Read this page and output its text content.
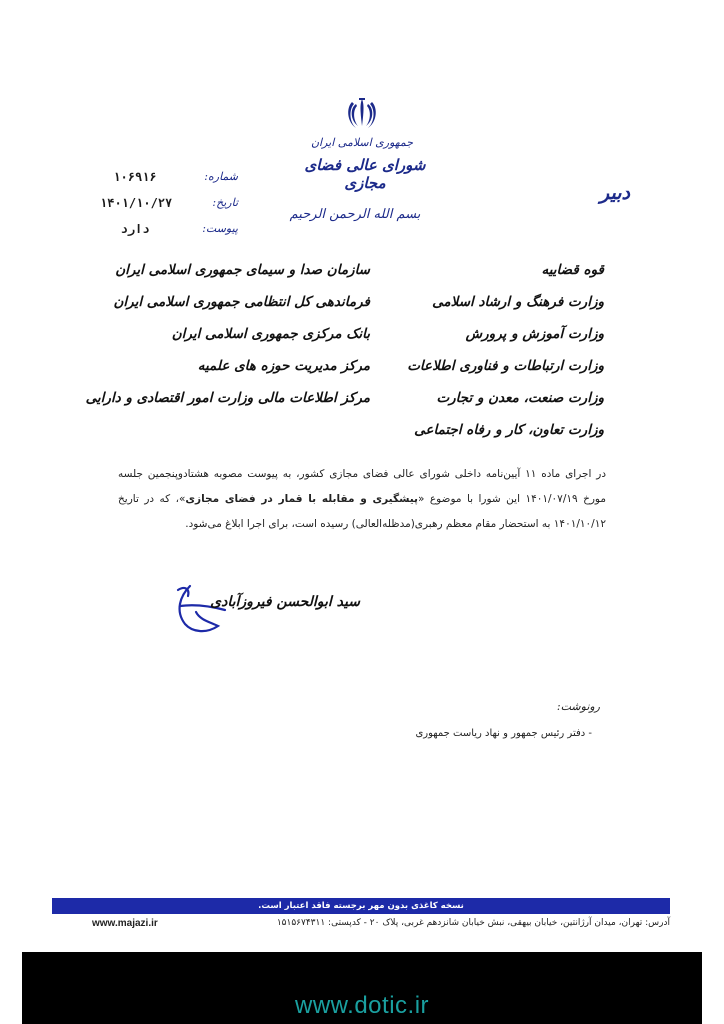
جمهوری اسلامی ایران
شورای عالی فضای مجازی
بسم الله الرحمن الرحیم
دبیر
۱۰۶۹۱۶	شماره:
۱۴۰۱/۱۰/۲۷	تاریخ:
دارد	پیوست:
قوه قضاییه
وزارت فرهنگ و ارشاد اسلامی
وزارت آموزش و پرورش
وزارت ارتباطات و فناوری اطلاعات
وزارت صنعت، معدن و تجارت
وزارت تعاون، کار و رفاه اجتماعی
سازمان صدا و سیمای جمهوری اسلامی ایران
فرماندهی کل انتظامی جمهوری اسلامی ایران
بانک مرکزی جمهوری اسلامی ایران
مرکز مدیریت حوزه های علمیه
مرکز اطلاعات مالی وزارت امور اقتصادی و دارایی
در اجرای ماده ۱۱ آیین‌نامه داخلی شورای عالی فضای مجازی کشور، به پیوست مصوبه هشتادوپنجمین جلسه مورخ ۱۴۰۱/۰۷/۱۹ این شورا با موضوع «پیشگیری و مقابله با قمار در فضای مجازی»، که در تاریخ ۱۴۰۱/۱۰/۱۲ به استحضار مقام معظم رهبری(مدظله‌العالی) رسیده است، برای اجرا ابلاغ می‌شود.
سید ابوالحسن فیروزآبادی
رونوشت:
- دفتر رئیس جمهور و نهاد ریاست جمهوری
نسخه کاغذی بدون مهر برجسته فاقد اعتبار است.
www.majazi.ir	آدرس: تهران، میدان آرژانتین، خیابان بیهقی، نبش خیابان شانزدهم غربی، پلاک ۲۰ - کدپستی: ۱۵۱۵۶۷۴۳۱۱
www.dotic.ir
